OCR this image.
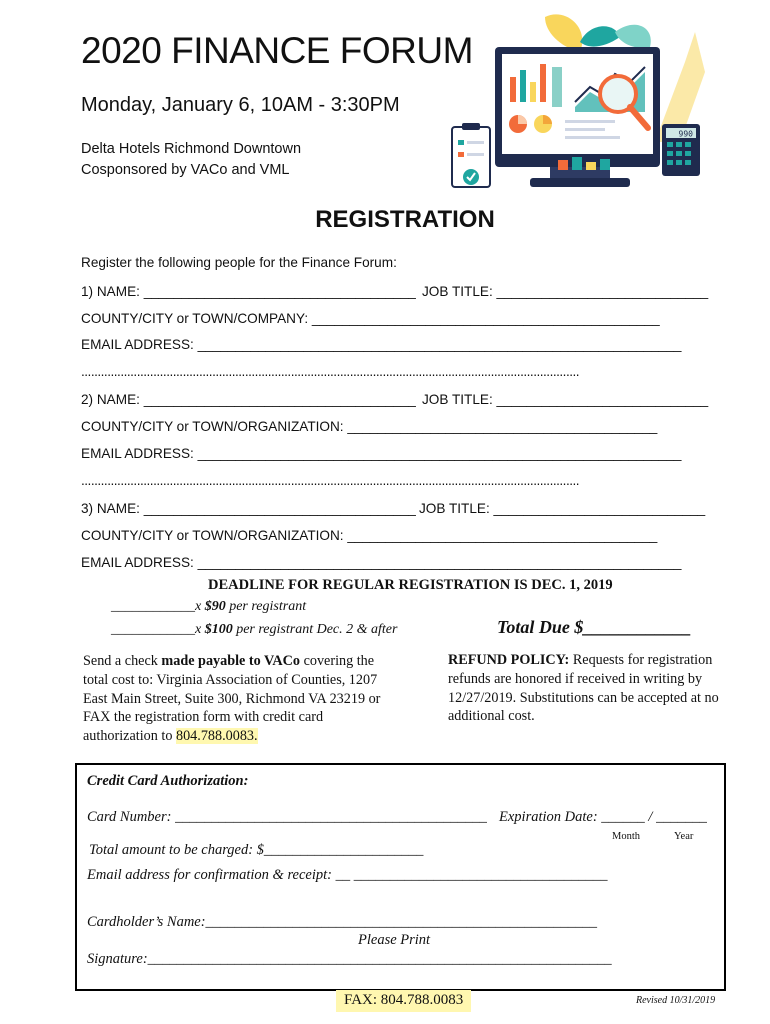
2020 FINANCE FORUM
Monday, January 6, 10AM - 3:30PM
Delta Hotels Richmond Downtown
Cosponsored by VACo and VML
990
REGISTRATION
Register the following people for the Finance Forum:
1) NAME: ____________________________________ JOB TITLE: ____________________________
COUNTY/CITY or TOWN/COMPANY: ______________________________________________
EMAIL ADDRESS: ________________________________________________________________
........................................................................................................................................................
2) NAME: ____________________________________ JOB TITLE: ____________________________
COUNTY/CITY or TOWN/ORGANIZATION: _________________________________________
EMAIL ADDRESS: ________________________________________________________________
........................................................................................................................................................
3) NAME: ____________________________________ JOB TITLE: ____________________________
COUNTY/CITY or TOWN/ORGANIZATION: _________________________________________
EMAIL ADDRESS: ________________________________________________________________
DEADLINE FOR REGULAR REGISTRATION IS DEC. 1, 2019
____________x $90 per registrant
____________x $100 per registrant Dec. 2 & after	Total Due $____________
Send a check made payable to VACo covering the
total cost to: Virginia Association of Counties, 1207
East Main Street, Suite 300, Richmond VA 23219 or
FAX the registration form with credit card
authorization to 804.788.0083.
REFUND POLICY: Requests for registration
refunds are honored if received in writing by
12/27/2019. Substitutions can be accepted at no
additional cost.
Credit Card Authorization:
Card Number: ___________________________________________ Expiration Date: ______ / _______
Month	Year
Total amount to be charged: $______________________
Email address for confirmation & receipt: __ ___________________________________
Cardholder’s Name:______________________________________________________
Please Print
Signature:________________________________________________________________
FAX: 804.788.0083	Revised 10/31/2019
